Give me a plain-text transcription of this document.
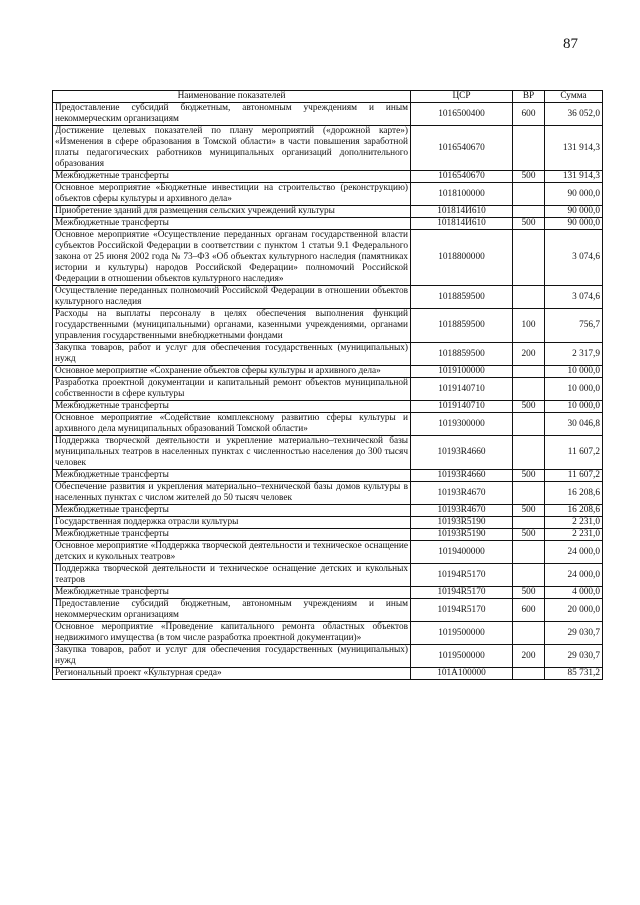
87
Наименование показателей	ЦСР	ВР	Сумма
Предоставление субсидий бюджетным, автономным учреждениям и иным некоммерческим организациям	1016500400	600	36 052,0
Достижение целевых показателей по плану мероприятий («дорожной карте») «Изменения в сфере образования в Томской области» в части повышения заработной платы педагогических работников муниципальных организаций дополнительного образования	1016540670		131 914,3
Межбюджетные трансферты	1016540670	500	131 914,3
Основное мероприятие «Бюджетные инвестиции на строительство (реконструкцию) объектов сферы культуры и архивного дела»	1018100000		90 000,0
Приобретение зданий для размещения сельских учреждений культуры	101814И610		90 000,0
Межбюджетные трансферты	101814И610	500	90 000,0
Основное мероприятие «Осуществление переданных органам государственной власти субъектов Российской Федерации в соответствии с пунктом 1 статьи 9.1 Федерального закона от 25 июня 2002 года № 73–ФЗ «Об объектах культурного наследия (памятниках истории и культуры) народов Российской Федерации» полномочий Российской Федерации в отношении объектов культурного наследия»	1018800000		3 074,6
Осуществление переданных полномочий Российской Федерации в отношении объектов культурного наследия	1018859500		3 074,6
Расходы на выплаты персоналу в целях обеспечения выполнения функций государственными (муниципальными) органами, казенными учреждениями, органами управления государственными внебюджетными фондами	1018859500	100	756,7
Закупка товаров, работ и услуг для обеспечения государственных (муниципальных) нужд	1018859500	200	2 317,9
Основное мероприятие «Сохранение объектов сферы культуры и архивного дела»	1019100000		10 000,0
Разработка проектной документации и капитальный ремонт объектов муниципальной собственности в сфере культуры	1019140710		10 000,0
Межбюджетные трансферты	1019140710	500	10 000,0
Основное мероприятие «Содействие комплексному развитию сферы культуры и архивного дела муниципальных образований Томской области»	1019300000		30 046,8
Поддержка творческой деятельности и укрепление материально–технической базы муниципальных театров в населенных пунктах с численностью населения до 300 тысяч человек	10193R4660		11 607,2
Межбюджетные трансферты	10193R4660	500	11 607,2
Обеспечение развития и укрепления материально–технической базы домов культуры в населенных пунктах с числом жителей до 50 тысяч человек	10193R4670		16 208,6
Межбюджетные трансферты	10193R4670	500	16 208,6
Государственная поддержка отрасли культуры	10193R5190		2 231,0
Межбюджетные трансферты	10193R5190	500	2 231,0
Основное мероприятие «Поддержка творческой деятельности и техническое оснащение детских и кукольных театров»	1019400000		24 000,0
Поддержка творческой деятельности и техническое оснащение детских и кукольных театров	10194R5170		24 000,0
Межбюджетные трансферты	10194R5170	500	4 000,0
Предоставление субсидий бюджетным, автономным учреждениям и иным некоммерческим организациям	10194R5170	600	20 000,0
Основное мероприятие «Проведение капитального ремонта областных объектов недвижимого имущества (в том числе разработка проектной документации)»	1019500000		29 030,7
Закупка товаров, работ и услуг для обеспечения государственных (муниципальных) нужд	1019500000	200	29 030,7
Региональный проект «Культурная среда»	101A100000		85 731,2
